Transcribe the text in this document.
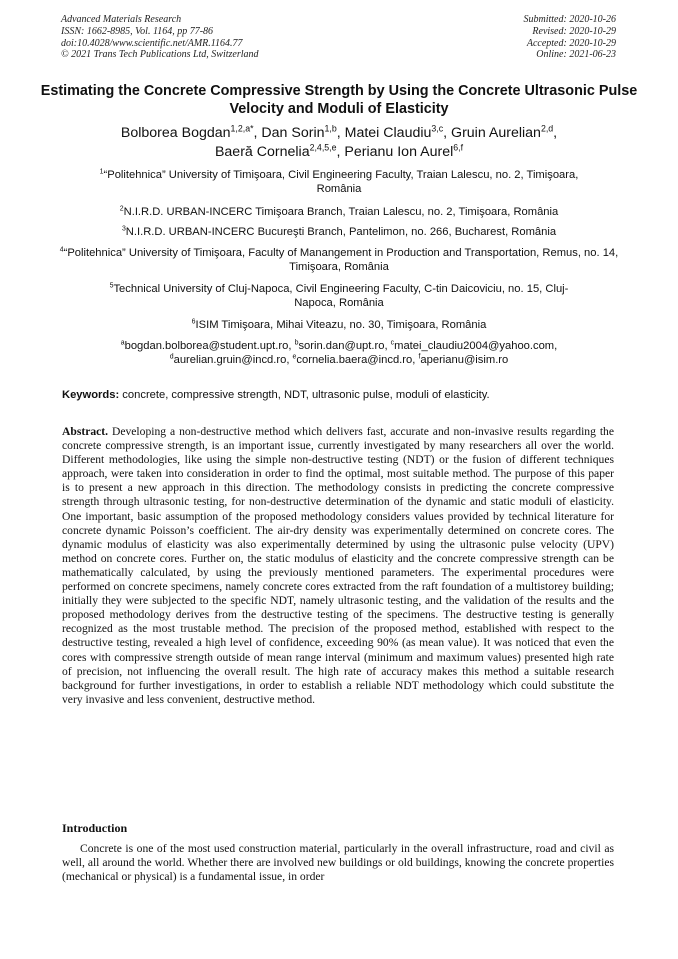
Advanced Materials Research
ISSN: 1662-8985, Vol. 1164, pp 77-86
doi:10.4028/www.scientific.net/AMR.1164.77
© 2021 Trans Tech Publications Ltd, Switzerland
Submitted: 2020-10-26
Revised: 2020-10-29
Accepted: 2020-10-29
Online: 2021-06-23
Estimating the Concrete Compressive Strength by Using the Concrete Ultrasonic Pulse Velocity and Moduli of Elasticity
Bolborea Bogdan$^{1,2,a*}$, Dan Sorin$^{1,b}$, Matei Claudiu$^{3,c}$, Gruin Aurelian$^{2,d}$,
Baeră Cornelia$^{2,4,5,e}$, Perianu Ion Aurel$^{6,f}$
$^1$“Politehnica” University of Timişoara, Civil Engineering Faculty, Traian Lalescu, no. 2, Timişoara, România
$^2$N.I.R.D. URBAN-INCERC Timişoara Branch, Traian Lalescu, no. 2, Timişoara, România
$^3$N.I.R.D. URBAN-INCERC Bucureşti Branch, Pantelimon, no. 266, Bucharest, România
$^4$“Politehnica” University of Timişoara, Faculty of Manangement in Production and Transportation, Remus, no. 14, Timişoara, România
$^5$Technical University of Cluj-Napoca, Civil Engineering Faculty, C-tin Daicoviciu, no. 15, Cluj-Napoca, România
$^6$ISIM Timişoara, Mihai Viteazu, no. 30, Timişoara, România
$^a$bogdan.bolborea@student.upt.ro, $^b$sorin.dan@upt.ro, $^c$matei_claudiu2004@yahoo.com,
$^d$aurelian.gruin@incd.ro, $^e$cornelia.baera@incd.ro, $^f$aperianu@isim.ro
Keywords: concrete, compressive strength, NDT, ultrasonic pulse, moduli of elasticity.
Abstract. Developing a non-destructive method which delivers fast, accurate and non-invasive results regarding the concrete compressive strength, is an important issue, currently investigated by many researchers all over the world. Different methodologies, like using the simple non-destructive testing (NDT) or the fusion of different techniques approach, were taken into consideration in order to find the optimal, most suitable method. The purpose of this paper is to present a new approach in this direction. The methodology consists in predicting the concrete compressive strength through ultrasonic testing, for non-destructive determination of the dynamic and static moduli of elasticity. One important, basic assumption of the proposed methodology considers values provided by technical literature for concrete dynamic Poisson’s coefficient. The air-dry density was experimentally determined on concrete cores. The dynamic modulus of elasticity was also experimentally determined by using the ultrasonic pulse velocity (UPV) method on concrete cores. Further on, the static modulus of elasticity and the concrete compressive strength can be mathematically calculated, by using the previously mentioned parameters. The experimental procedures were performed on concrete specimens, namely concrete cores extracted from the raft foundation of a multistorey building; initially they were subjected to the specific NDT, namely ultrasonic testing, and the validation of the results and the proposed methodology derives from the destructive testing of the specimens. The destructive testing is generally recognized as the most trustable method. The precision of the proposed method, established with respect to the destructive testing, revealed a high level of confidence, exceeding 90% (as mean value). It was noticed that even the cores with compressive strength outside of mean range interval (minimum and maximum values) presented high rate of precision, not influencing the overall result. The high rate of accuracy makes this method a suitable research background for further investigations, in order to establish a reliable NDT methodology which could substitute the very invasive and less convenient, destructive method.
Introduction
Concrete is one of the most used construction material, particularly in the overall infrastructure, road and civil as well, all around the world. Whether there are involved new buildings or old buildings, knowing the concrete properties (mechanical or physical) is a fundamental issue, in order
